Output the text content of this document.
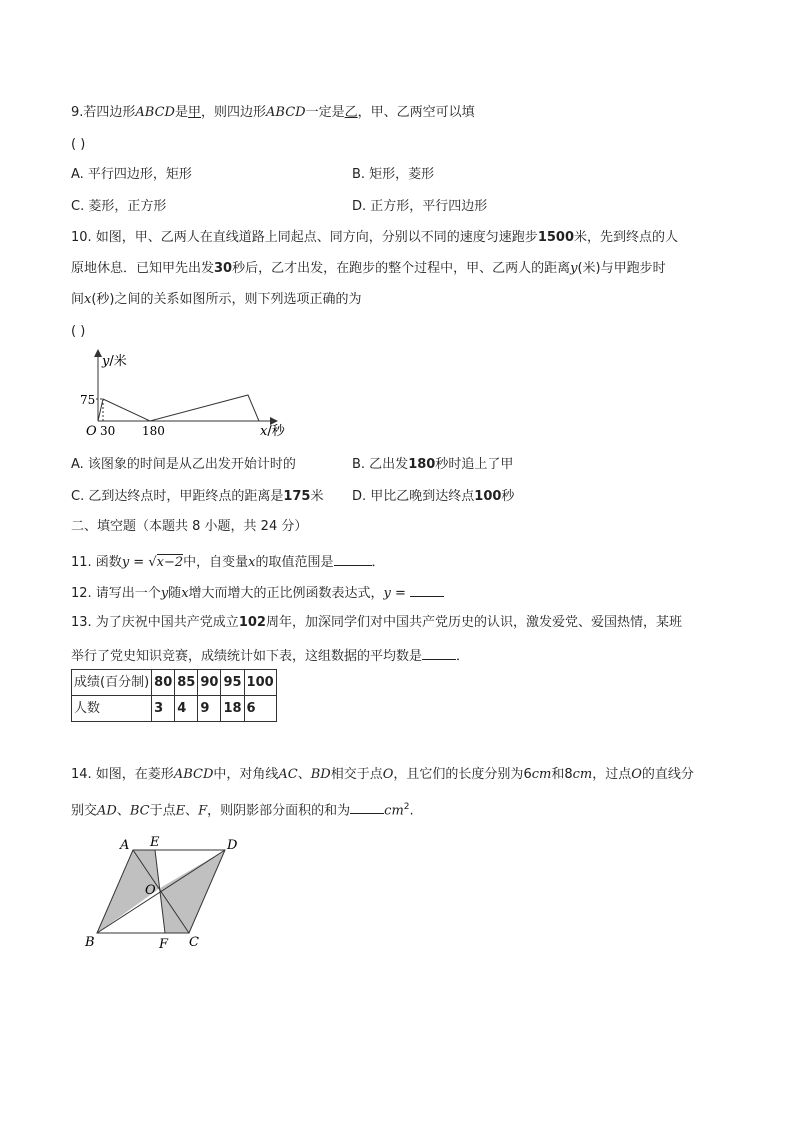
9.若四边形ABCD是甲，则四边形ABCD一定是乙，甲、乙两空可以填
( )
A. 平行四边形，矩形	B. 矩形，菱形
C. 菱形，正方形	D. 正方形，平行四边形
10. 如图，甲、乙两人在直线道路上同起点、同方向，分别以不同的速度匀速跑步1500米，先到终点的人
原地休息．已知甲先出发30秒后，乙才出发，在跑步的整个过程中，甲、乙两人的距离y(米)与甲跑步时
间x(秒)之间的关系如图所示，则下列选项正确的为
( )
y/米
75
O 30 180	x/秒
A. 该图象的时间是从乙出发开始计时的	B. 乙出发180秒时追上了甲
C. 乙到达终点时，甲距终点的距离是175米 D. 甲比乙晚到达终点100秒
二、填空题（本题共 8 小题，共 24 分）
11. 函数y = √x−2中，自变量x的取值范围是	．
12. 请写出一个y随x增大而增大的正比例函数表达式，y =
13. 为了庆祝中国共产党成立102周年，加深同学们对中国共产党历史的认识，激发爱党、爱国热情，某班
举行了党史知识竞赛，成绩统计如下表，这组数据的平均数是	．
成绩(百分制)	80	85	90	95	100
人数	3	4	9	18	6
14. 如图，在菱形ABCD中，对角线AC、BD相交于点O，且它们的长度分别为6cm和8cm，过点O的直线分
别交AD、BC于点E、F，则阴影部分面积的和为	$cm^2$.
A E	D
O
B	F C
